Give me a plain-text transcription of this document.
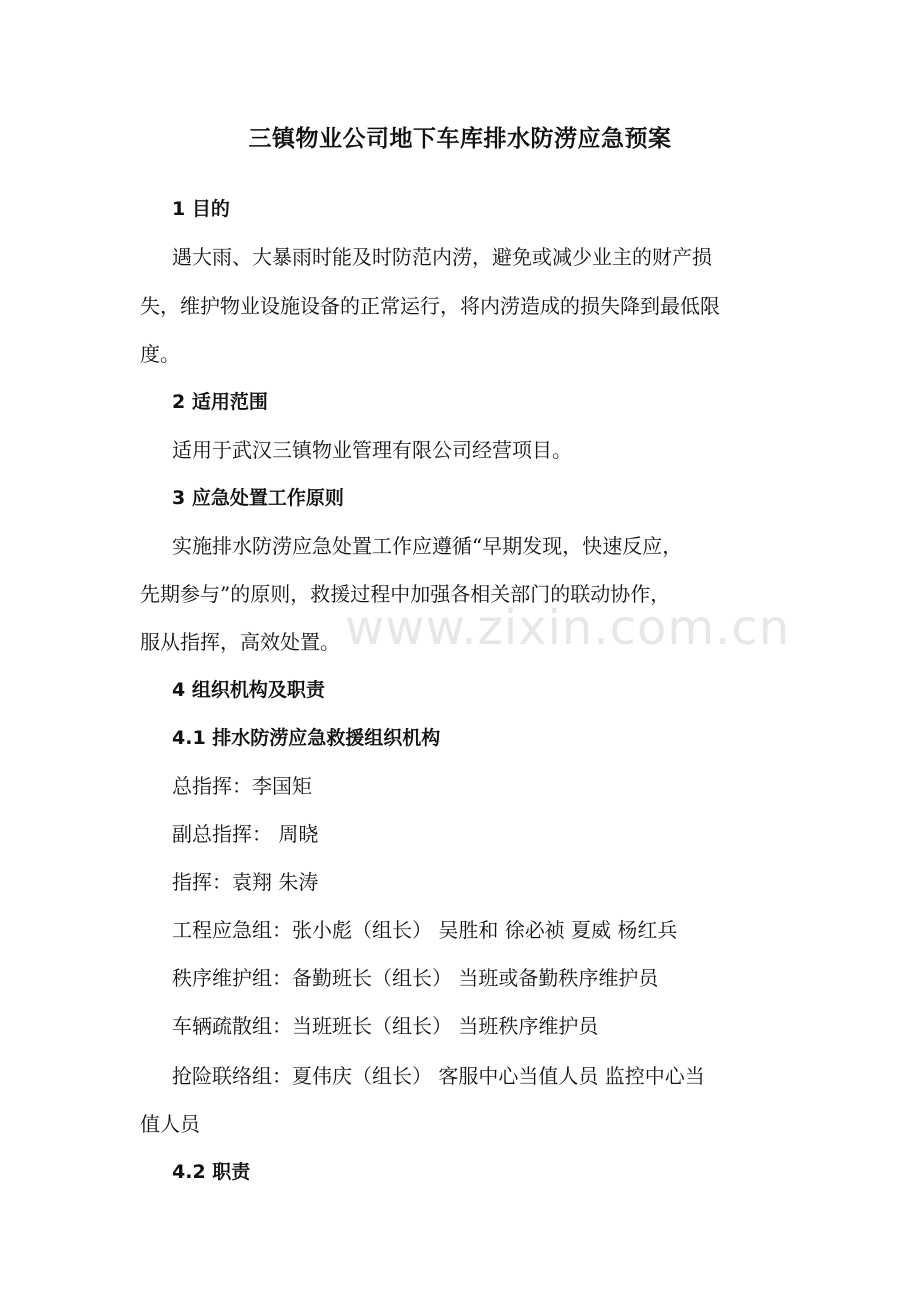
三镇物业公司地下车库排水防涝应急预案
1 目的
遇大雨、大暴雨时能及时防范内涝，避免或减少业主的财产损
失，维护物业设施设备的正常运行，将内涝造成的损失降到最低限
度。
2 适用范围
适用于武汉三镇物业管理有限公司经营项目。
3 应急处置工作原则
实施排水防涝应急处置工作应遵循“早期发现，快速反应，
先期参与”的原则，救援过程中加强各相关部门的联动协作，
服从指挥，高效处置。
4 组织机构及职责
4.1 排水防涝应急救援组织机构
总指挥：李国矩
副总指挥： 周晓
指挥：袁翔 朱涛
工程应急组：张小彪（组长） 吴胜和 徐必祯 夏威 杨红兵
秩序维护组：备勤班长（组长） 当班或备勤秩序维护员
车辆疏散组：当班班长（组长） 当班秩序维护员
抢险联络组：夏伟庆（组长） 客服中心当值人员 监控中心当
值人员
4.2 职责
www.zixin.com.cn
